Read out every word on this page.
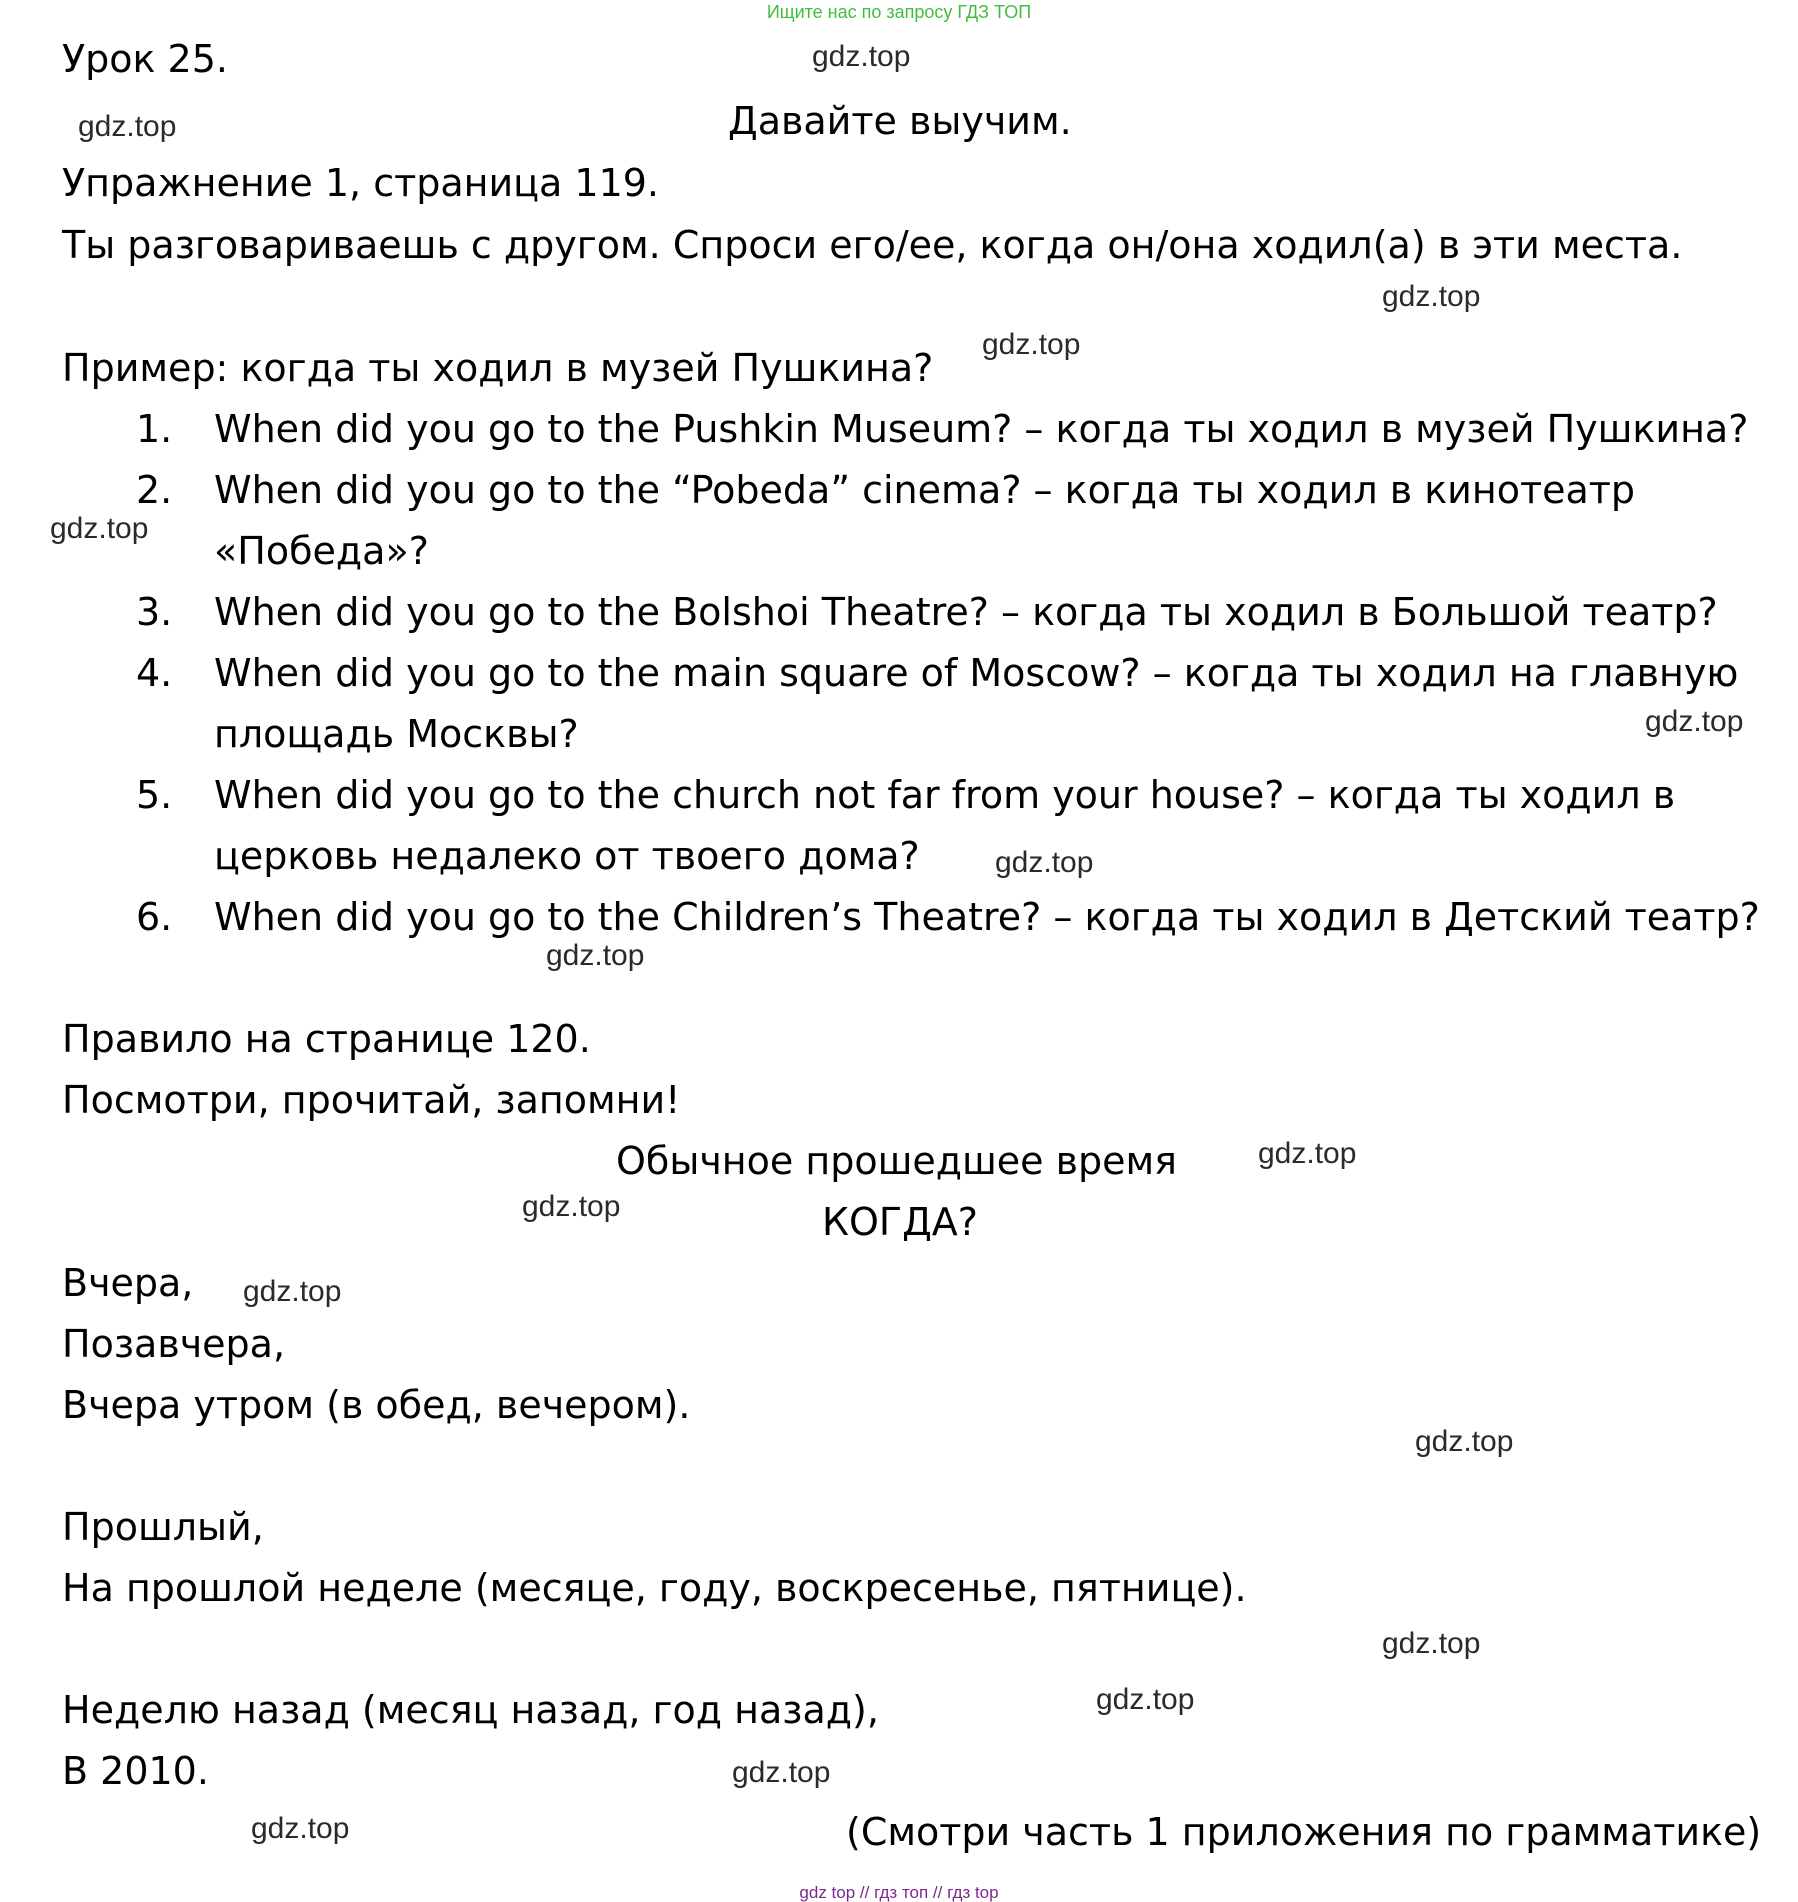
Ищите нас по запросу ГДЗ ТОП
Урок 25.
Давайте выучим.
Упражнение 1, страница 119.
Ты разговариваешь с другом. Спроси его/ее, когда он/она ходил(а) в эти места.
Пример: когда ты ходил в музей Пушкина?
1. When did you go to the Pushkin Museum? – когда ты ходил в музей Пушкина?
2. When did you go to the “Pobeda” cinema? – когда ты ходил в кинотеатр
«Победа»?
3. When did you go to the Bolshoi Theatre? – когда ты ходил в Большой театр?
4. When did you go to the main square of Moscow? – когда ты ходил на главную
площадь Москвы?
5. When did you go to the church not far from your house? – когда ты ходил в
церковь недалеко от твоего дома?
6. When did you go to the Children’s Theatre? – когда ты ходил в Детский театр?
Правило на странице 120.
Посмотри, прочитай, запомни!
Обычное прошедшее время
КОГДА?
Вчера,
Позавчера,
Вчера утром (в обед, вечером).
Прошлый,
На прошлой неделе (месяце, году, воскресенье, пятнице).
Неделю назад (месяц назад, год назад),
В 2010.
(Смотри часть 1 приложения по грамматике)
gdz.top
gdz.top
gdz.top
gdz.top
gdz.top
gdz.top
gdz.top
gdz.top
gdz.top
gdz.top
gdz.top
gdz.top
gdz.top
gdz.top
gdz.top
gdz.top
gdz top // гдз топ // гдз top
